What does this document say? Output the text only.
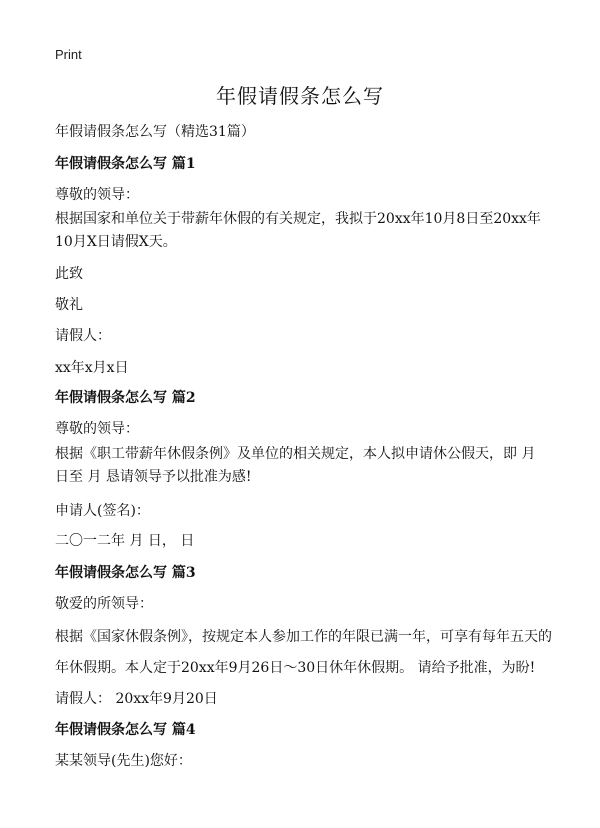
Print
年假请假条怎么写

年假请假条怎么写（精选31篇）

年假请假条怎么写 篇1

尊敬的领导：

根据国家和单位关于带薪年休假的有关规定，我拟于20xx年10月8日至20xx年10月X日请假X天。

此致

敬礼

请假人：

xx年x月x日

年假请假条怎么写 篇2

尊敬的领导：

根据《职工带薪年休假条例》及单位的相关规定，本人拟申请休公假天，即 月 日至 月 恳请领导予以批准为感!

申请人(签名)：

二〇一二年 月 日， 日

年假请假条怎么写 篇3

敬爱的所领导：

根据《国家休假条例》，按规定本人参加工作的年限已满一年，可享有每年五天的

年休假期。本人定于20xx年9月26日～30日休年休假期。 请给予批准，为盼!

请假人： 20xx年9月20日

年假请假条怎么写 篇4

某某领导(先生)您好：
